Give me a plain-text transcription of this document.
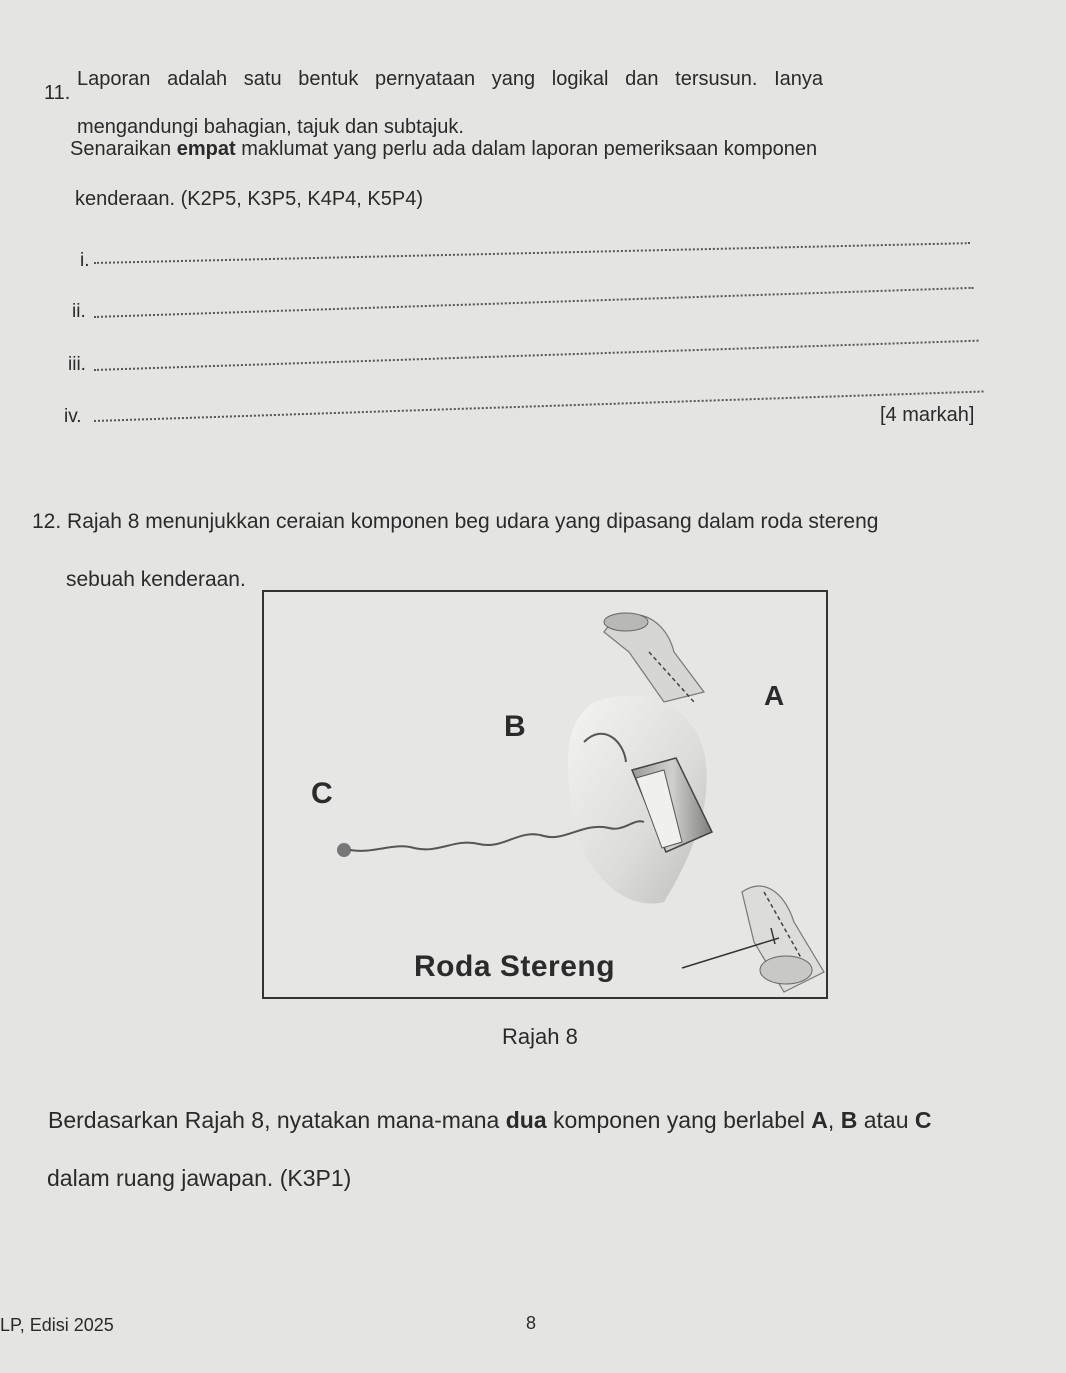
11.
Laporan   adalah   satu   bentuk   pernyataan   yang   logikal   dan   tersusun.   Ianya
mengandungi bahagian, tajuk dan subtajuk.
Senaraikan empat maklumat yang perlu ada dalam laporan pemeriksaan komponen
kenderaan. (K2P5, K3P5, K4P4, K5P4)
i.
ii.
iii.
iv.	[4 markah]
12. Rajah 8 menunjukkan ceraian komponen beg udara yang dipasang dalam roda stereng
sebuah kenderaan.
A
B
C
Roda Stereng
Rajah 8
Berdasarkan Rajah 8, nyatakan mana-mana dua komponen yang berlabel A, B atau C
dalam ruang jawapan. (K3P1)
LP, Edisi 2025	8
